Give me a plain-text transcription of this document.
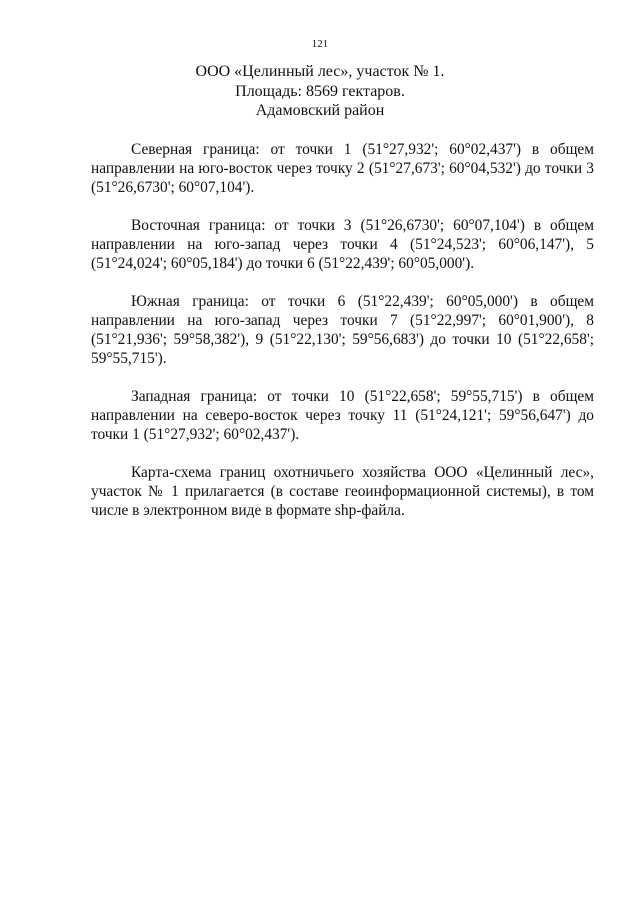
121
ООО «Целинный лес», участок № 1.
Площадь: 8569 гектаров.
Адамовский район

Северная граница: от точки 1 (51°27,932'; 60°02,437') в общем направлении на юго-восток через точку 2 (51°27,673'; 60°04,532') до точки 3 (51°26,6730'; 60°07,104').

Восточная граница: от точки 3 (51°26,6730'; 60°07,104') в общем направлении на юго-запад через точки 4 (51°24,523'; 60°06,147'), 5 (51°24,024'; 60°05,184') до точки 6 (51°22,439'; 60°05,000').

Южная граница: от точки 6 (51°22,439'; 60°05,000') в общем направлении на юго-запад через точки 7 (51°22,997'; 60°01,900'), 8 (51°21,936'; 59°58,382'), 9 (51°22,130'; 59°56,683') до точки 10 (51°22,658'; 59°55,715').

Западная граница: от точки 10 (51°22,658'; 59°55,715') в общем направлении на северо-восток через точку 11 (51°24,121'; 59°56,647') до точки 1 (51°27,932'; 60°02,437').

Карта-схема границ охотничьего хозяйства ООО «Целинный лес», участок № 1 прилагается (в составе геоинформационной системы), в том числе в электронном виде в формате shp-файла.
